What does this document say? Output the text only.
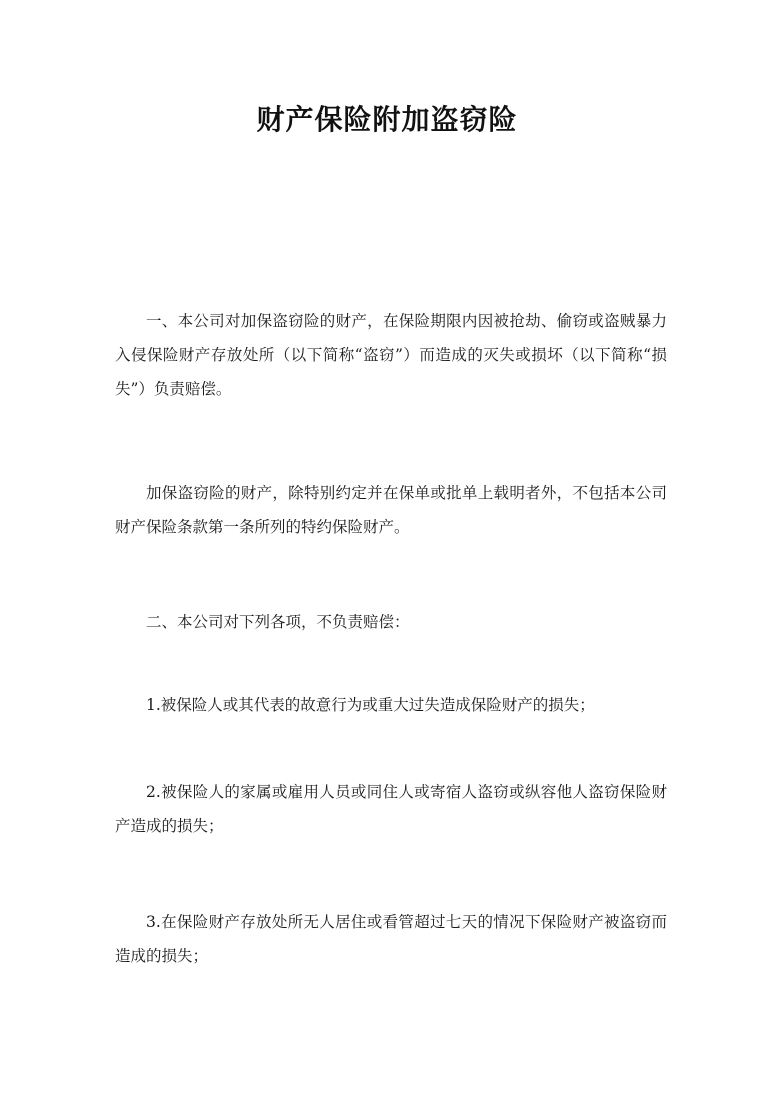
财产保险附加盗窃险

一、本公司对加保盗窃险的财产，在保险期限内因被抢劫、偷窃或盗贼暴力入侵保险财产存放处所（以下简称“盗窃”）而造成的灭失或损坏（以下简称“损失”）负责赔偿。

加保盗窃险的财产，除特别约定并在保单或批单上载明者外，不包括本公司财产保险条款第一条所列的特约保险财产。

二、本公司对下列各项，不负责赔偿：

1.被保险人或其代表的故意行为或重大过失造成保险财产的损失；

2.被保险人的家属或雇用人员或同住人或寄宿人盗窃或纵容他人盗窃保险财产造成的损失；

3.在保险财产存放处所无人居住或看管超过七天的情况下保险财产被盗窃而造成的损失；
